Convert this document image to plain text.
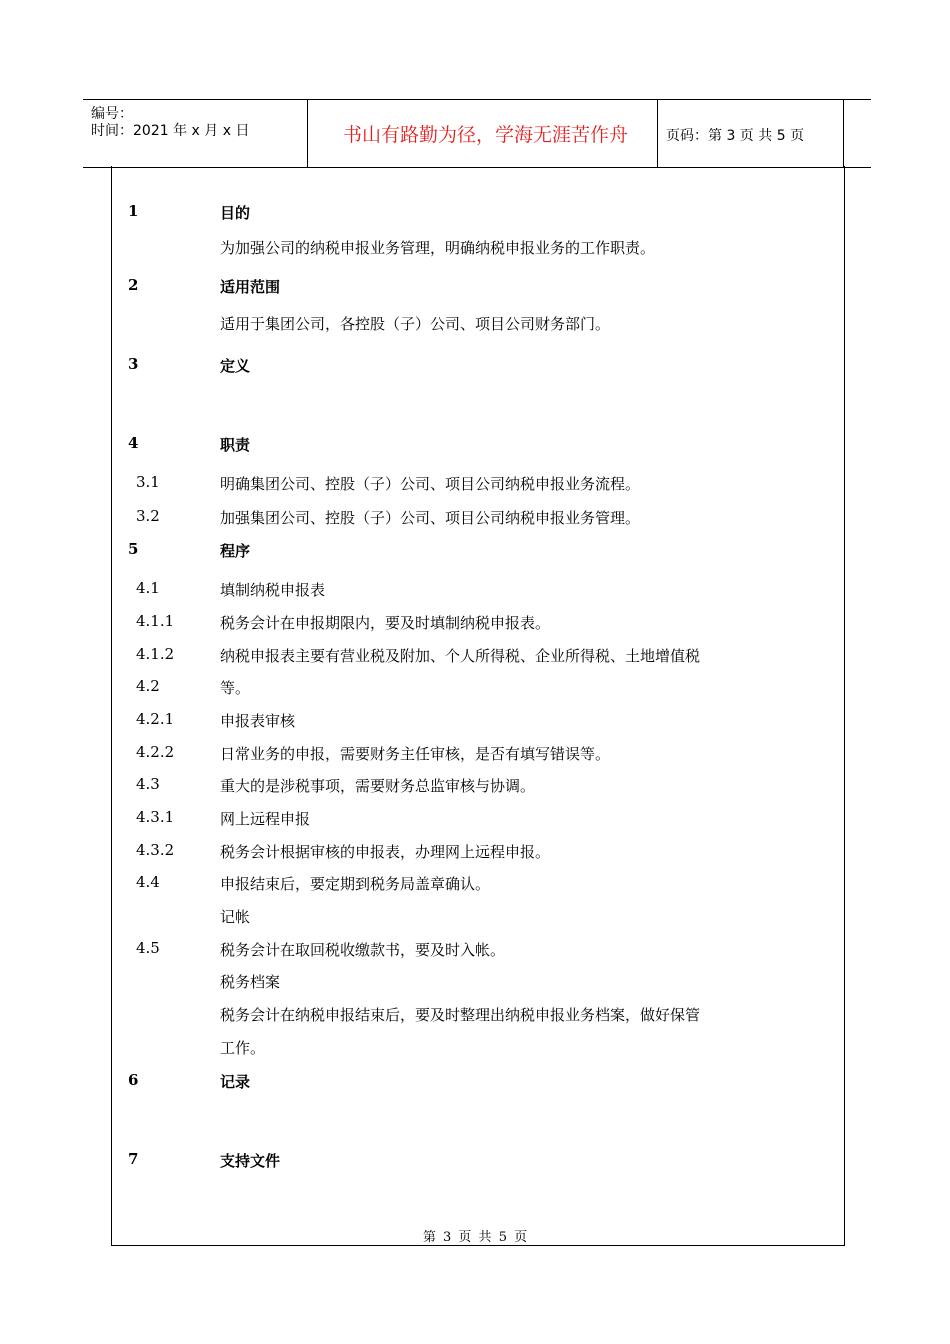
编号：
时间：2021 年 x 月 x 日	书山有路勤为径，学海无涯苦作舟	页码：第 3 页 共 5 页
1	目的
为加强公司的纳税申报业务管理，明确纳税申报业务的工作职责。
2	适用范围
适用于集团公司，各控股（子）公司、项目公司财务部门。
3	定义
4	职责
3.1	明确集团公司、控股（子）公司、项目公司纳税申报业务流程。
3.2	加强集团公司、控股（子）公司、项目公司纳税申报业务管理。
5	程序
4.1	填制纳税申报表
4.1.1	税务会计在申报期限内，要及时填制纳税申报表。
4.1.2	纳税申报表主要有营业税及附加、个人所得税、企业所得税、土地增值税
4.2	等。
4.2.1	申报表审核
4.2.2	日常业务的申报，需要财务主任审核，是否有填写错误等。
4.3	重大的是涉税事项，需要财务总监审核与协调。
4.3.1	网上远程申报
4.3.2	税务会计根据审核的申报表，办理网上远程申报。
4.4	申报结束后，要定期到税务局盖章确认。
记帐
4.5	税务会计在取回税收缴款书，要及时入帐。
税务档案
税务会计在纳税申报结束后，要及时整理出纳税申报业务档案，做好保管
工作。
6	记录
7	支持文件
第 3 页 共 5 页
